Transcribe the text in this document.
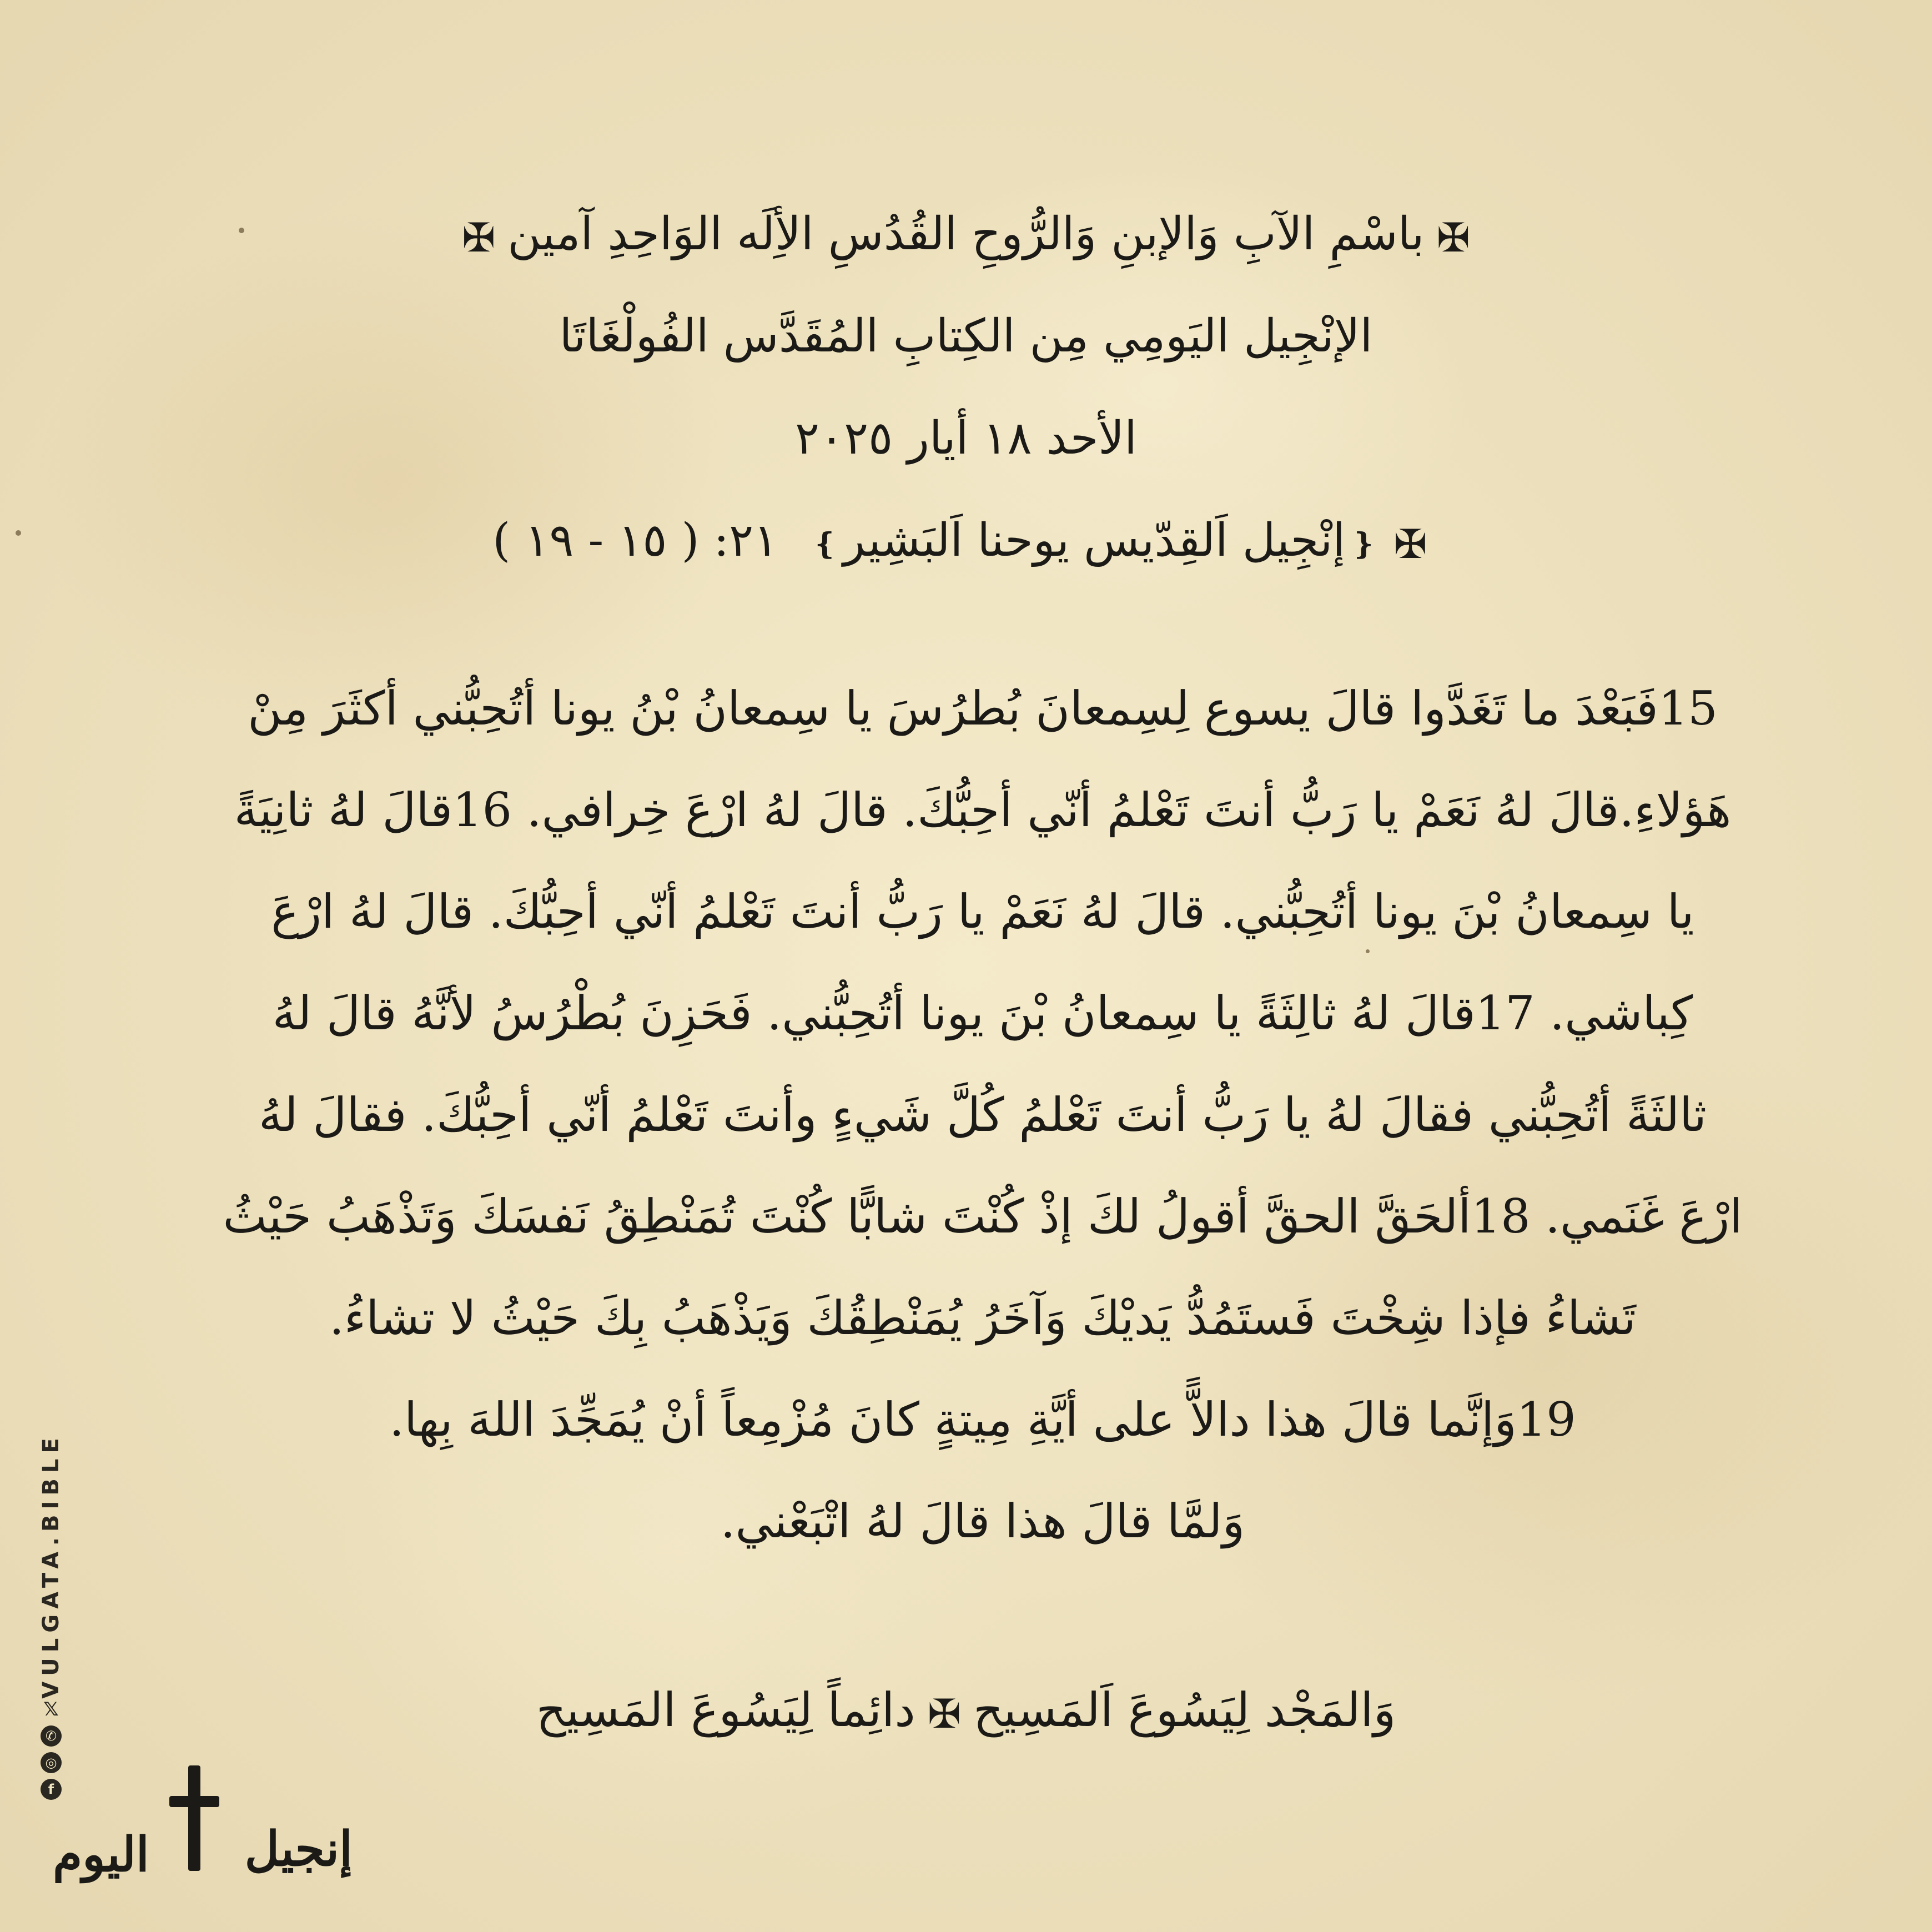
✠باسْمِ الآبِ وَالإبنِ وَالرُّوحِ القُدُسِ الأِلَه الوَاحِدِ آمين✠
الإنْجِيل اليَومِي مِن الكِتابِ المُقَدَّس الفُولْغَاتَا
الأحد ١٨ أيار ٢٠٢٥
✠❴إنْجِيل اَلقِدّيس يوحنا اَلبَشِير❵  ٢١: ( ١٥ - ١٩ )
15فَبَعْدَ ما تَغَدَّوا قالَ يسوع لِسِمعانَ بُطرُسَ يا سِمعانُ بْنُ يونا أتُحِبُّني أكثَرَ مِنْ
هَؤلاءِ.قالَ لهُ نَعَمْ يا رَبُّ أنتَ تَعْلمُ أنّي أحِبُّكَ. قالَ لهُ ارْعَ خِرافي. 16قالَ لهُ ثانِيَةً
يا سِمعانُ بْنَ يونا أتُحِبُّني. قالَ لهُ نَعَمْ يا رَبُّ أنتَ تَعْلمُ أنّي أحِبُّكَ. قالَ لهُ ارْعَ
كِباشي. 17قالَ لهُ ثالِثَةً يا سِمعانُ بْنَ يونا أتُحِبُّني. فَحَزِنَ بُطْرُسُ لأنَّهُ قالَ لهُ
ثالثَةً أتُحِبُّني فقالَ لهُ يا رَبُّ أنتَ تَعْلمُ كُلَّ شَيءٍ وأنتَ تَعْلمُ أنّي أحِبُّكَ. فقالَ لهُ
ارْعَ غَنَمي. 18ألحَقَّ الحقَّ أقولُ لكَ إذْ كُنْتَ شابًّا كُنْتَ تُمَنْطِقُ نَفسَكَ وَتَذْهَبُ حَيْثُ
تَشاءُ فإذا شِخْتَ فَستَمُدُّ يَديْكَ وَآخَرُ يُمَنْطِقُكَ وَيَذْهَبُ بِكَ حَيْثُ لا تشاءُ.
19وَإنَّما قالَ هذا دالاًّ على أيَّةِ مِيتةٍ كانَ مُزْمِعاً أنْ يُمَجِّدَ اللهَ بِها.
وَلمَّا قالَ هذا قالَ لهُ اتْبَعْني.
وَالمَجْد لِيَسُوعَ اَلمَسِيح✠دائِماً لِيَسُوعَ المَسِيح
VULGATA.BIBLE
𝕏
✆
◎
f
إنجيل
اليوم
